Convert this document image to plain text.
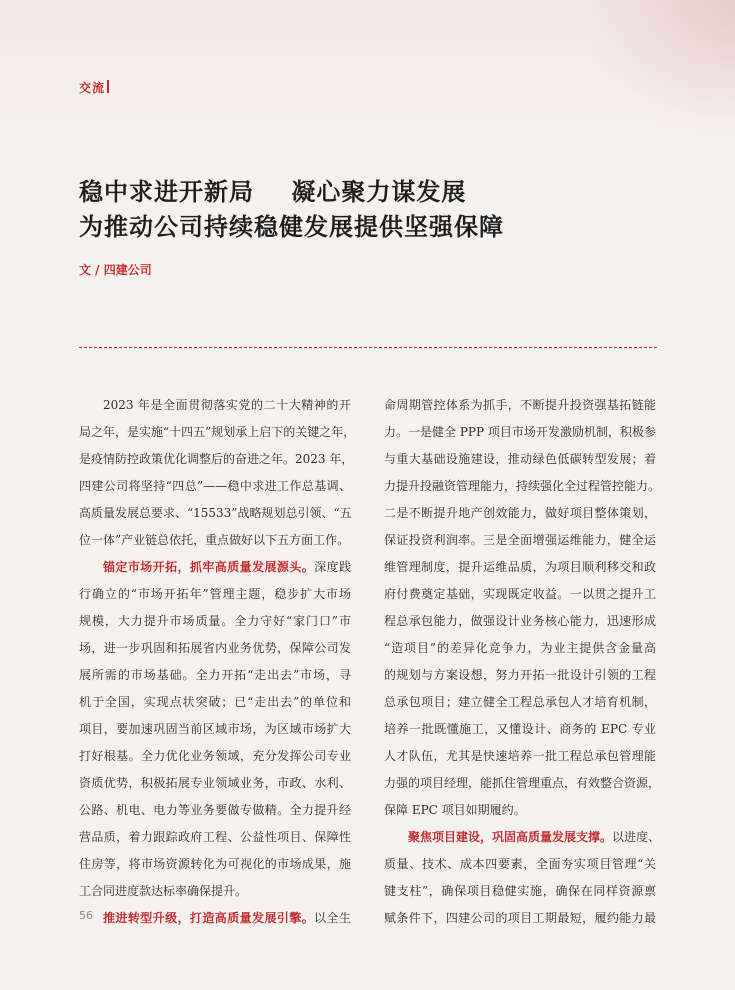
交流
稳中求进开新局    凝心聚力谋发展
为推动公司持续稳健发展提供坚强保障
文 / 四建公司
2023 年是全面贯彻落实党的二十大精神的开
局之年，是实施“十四五”规划承上启下的关键之年，
是疫情防控政策优化调整后的奋进之年。2023 年，
四建公司将坚持“四总”——稳中求进工作总基调、
高质量发展总要求、“15533”战略规划总引领、“五
位一体”产业链总依托，重点做好以下五方面工作。
锚定市场开拓，抓牢高质量发展源头。深度践
行确立的“市场开拓年”管理主题，稳步扩大市场
规模，大力提升市场质量。全力守好“家门口”市
场，进一步巩固和拓展省内业务优势，保障公司发
展所需的市场基础。全力开拓“走出去”市场，寻
机于全国，实现点状突破；已“走出去”的单位和
项目，要加速巩固当前区域市场，为区域市场扩大
打好根基。全力优化业务领域，充分发挥公司专业
资质优势，积极拓展专业领域业务，市政、水利、
公路、机电、电力等业务要做专做精。全力提升经
营品质，着力跟踪政府工程、公益性项目、保障性
住房等，将市场资源转化为可视化的市场成果，施
工合同进度款达标率确保提升。
推进转型升级，打造高质量发展引擎。以全生
命周期管控体系为抓手，不断提升投资强基拓链能
力。一是健全 PPP 项目市场开发激励机制，积极参
与重大基础设施建设，推动绿色低碳转型发展；着
力提升投融资管理能力，持续强化全过程管控能力。
二是不断提升地产创效能力，做好项目整体策划，
保证投资利润率。三是全面增强运维能力，健全运
维管理制度，提升运维品质，为项目顺利移交和政
府付费奠定基础，实现既定收益。一以贯之提升工
程总承包能力，做强设计业务核心能力，迅速形成
“造项目”的差异化竞争力，为业主提供含金量高
的规划与方案设想，努力开拓一批设计引领的工程
总承包项目；建立健全工程总承包人才培育机制，
培养一批既懂施工，又懂设计、商务的 EPC 专业
人才队伍，尤其是快速培养一批工程总承包管理能
力强的项目经理，能抓住管理重点，有效整合资源，
保障 EPC 项目如期履约。
聚焦项目建设，巩固高质量发展支撑。以进度、
质量、技术、成本四要素，全面夯实项目管理“关
键支柱”，确保项目稳健实施，确保在同样资源禀
赋条件下，四建公司的项目工期最短，履约能力最
56
